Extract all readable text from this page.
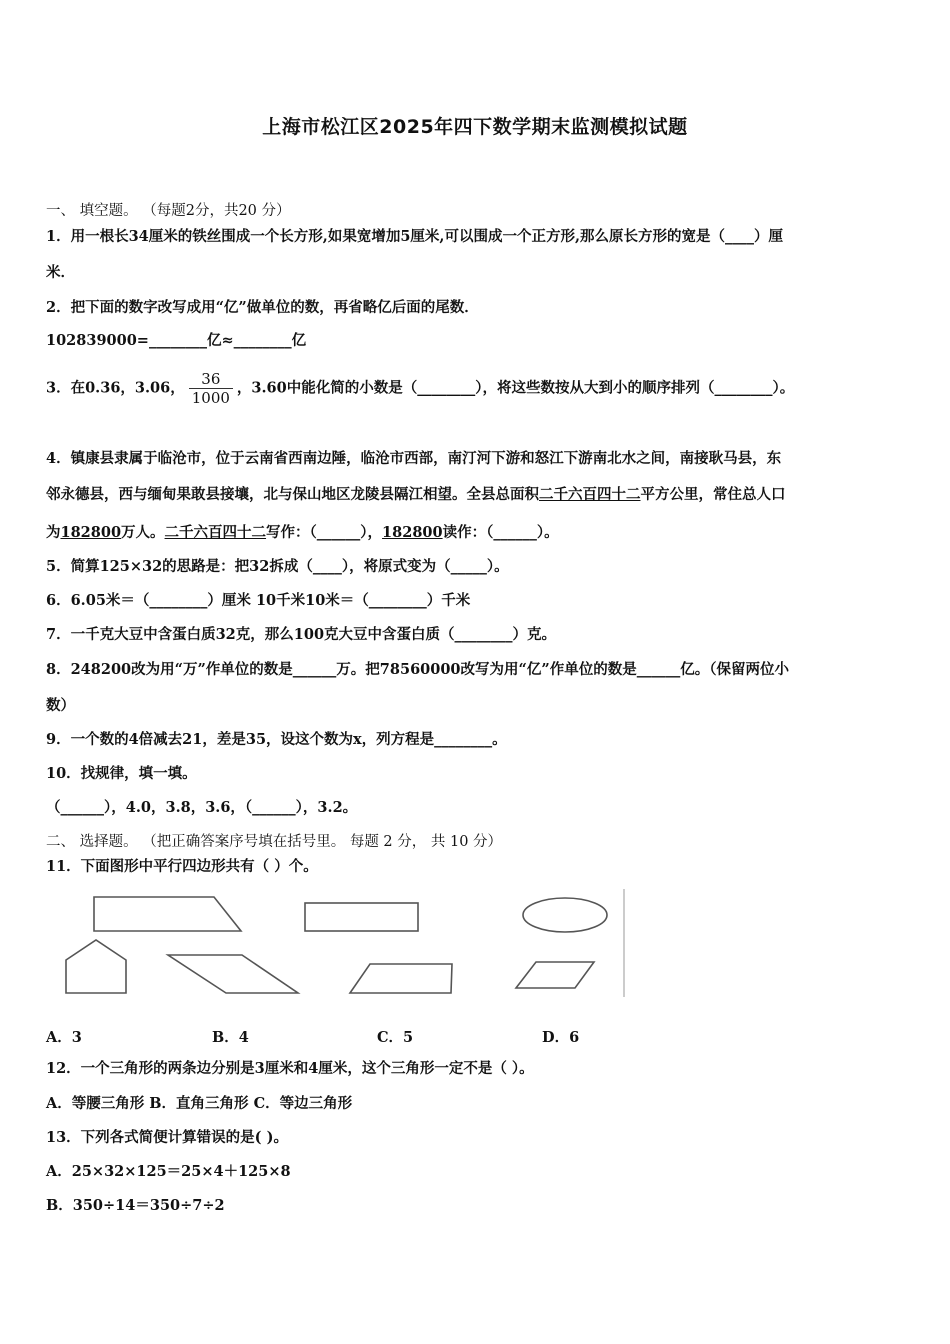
上海市松江区2025年四下数学期末监测模拟试题
一、 填空题。 （每题2分，共20 分）
1．用一根长34厘米的铁丝围成一个长方形,如果宽增加5厘米,可以围成一个正方形,那么原长方形的宽是（____）厘
米．
2．把下面的数字改写成用“亿”做单位的数，再省略亿后面的尾数．
102839000=________亿≈________亿
3．在0.36，3.06， $\frac{36}{1000}$ ，3.60中能化简的小数是（________），将这些数按从大到小的顺序排列（________）。
4．镇康县隶属于临沧市，位于云南省西南边陲，临沧市西部，南汀河下游和怒江下游南北水之间，南接耿马县，东
邻永德县，西与缅甸果敢县接壤，北与保山地区龙陵县隔江相望。全县总面积二千六百四十二平方公里，常住总人口
为182800万人。二千六百四十二写作：（______），182800读作：（______）。
5．简算125×32的思路是：把32拆成（____），将原式变为（_____）。
6．6.05米＝（________）厘米 10千米10米＝（________）千米
7．一千克大豆中含蛋白质32克，那么100克大豆中含蛋白质（________）克。
8．248200改为用“万”作单位的数是______万。把78560000改写为用“亿”作单位的数是______亿。（保留两位小
数）
9．一个数的4倍减去21，差是35，设这个数为x，列方程是________。
10．找规律，填一填。
（______），4.0，3.8，3.6，（______），3.2。
二、 选择题。 （把正确答案序号填在括号里。 每题 2 分， 共 10 分）
11．下面图形中平行四边形共有（ ）个。
A．3	B．4	C．5	D．6
12．一个三角形的两条边分别是3厘米和4厘米，这个三角形一定不是（ ）。
A．等腰三角形 B．直角三角形 C．等边三角形
13．下列各式简便计算错误的是( )。
A．25×32×125＝25×4＋125×8
B．350÷14＝350÷7÷2
